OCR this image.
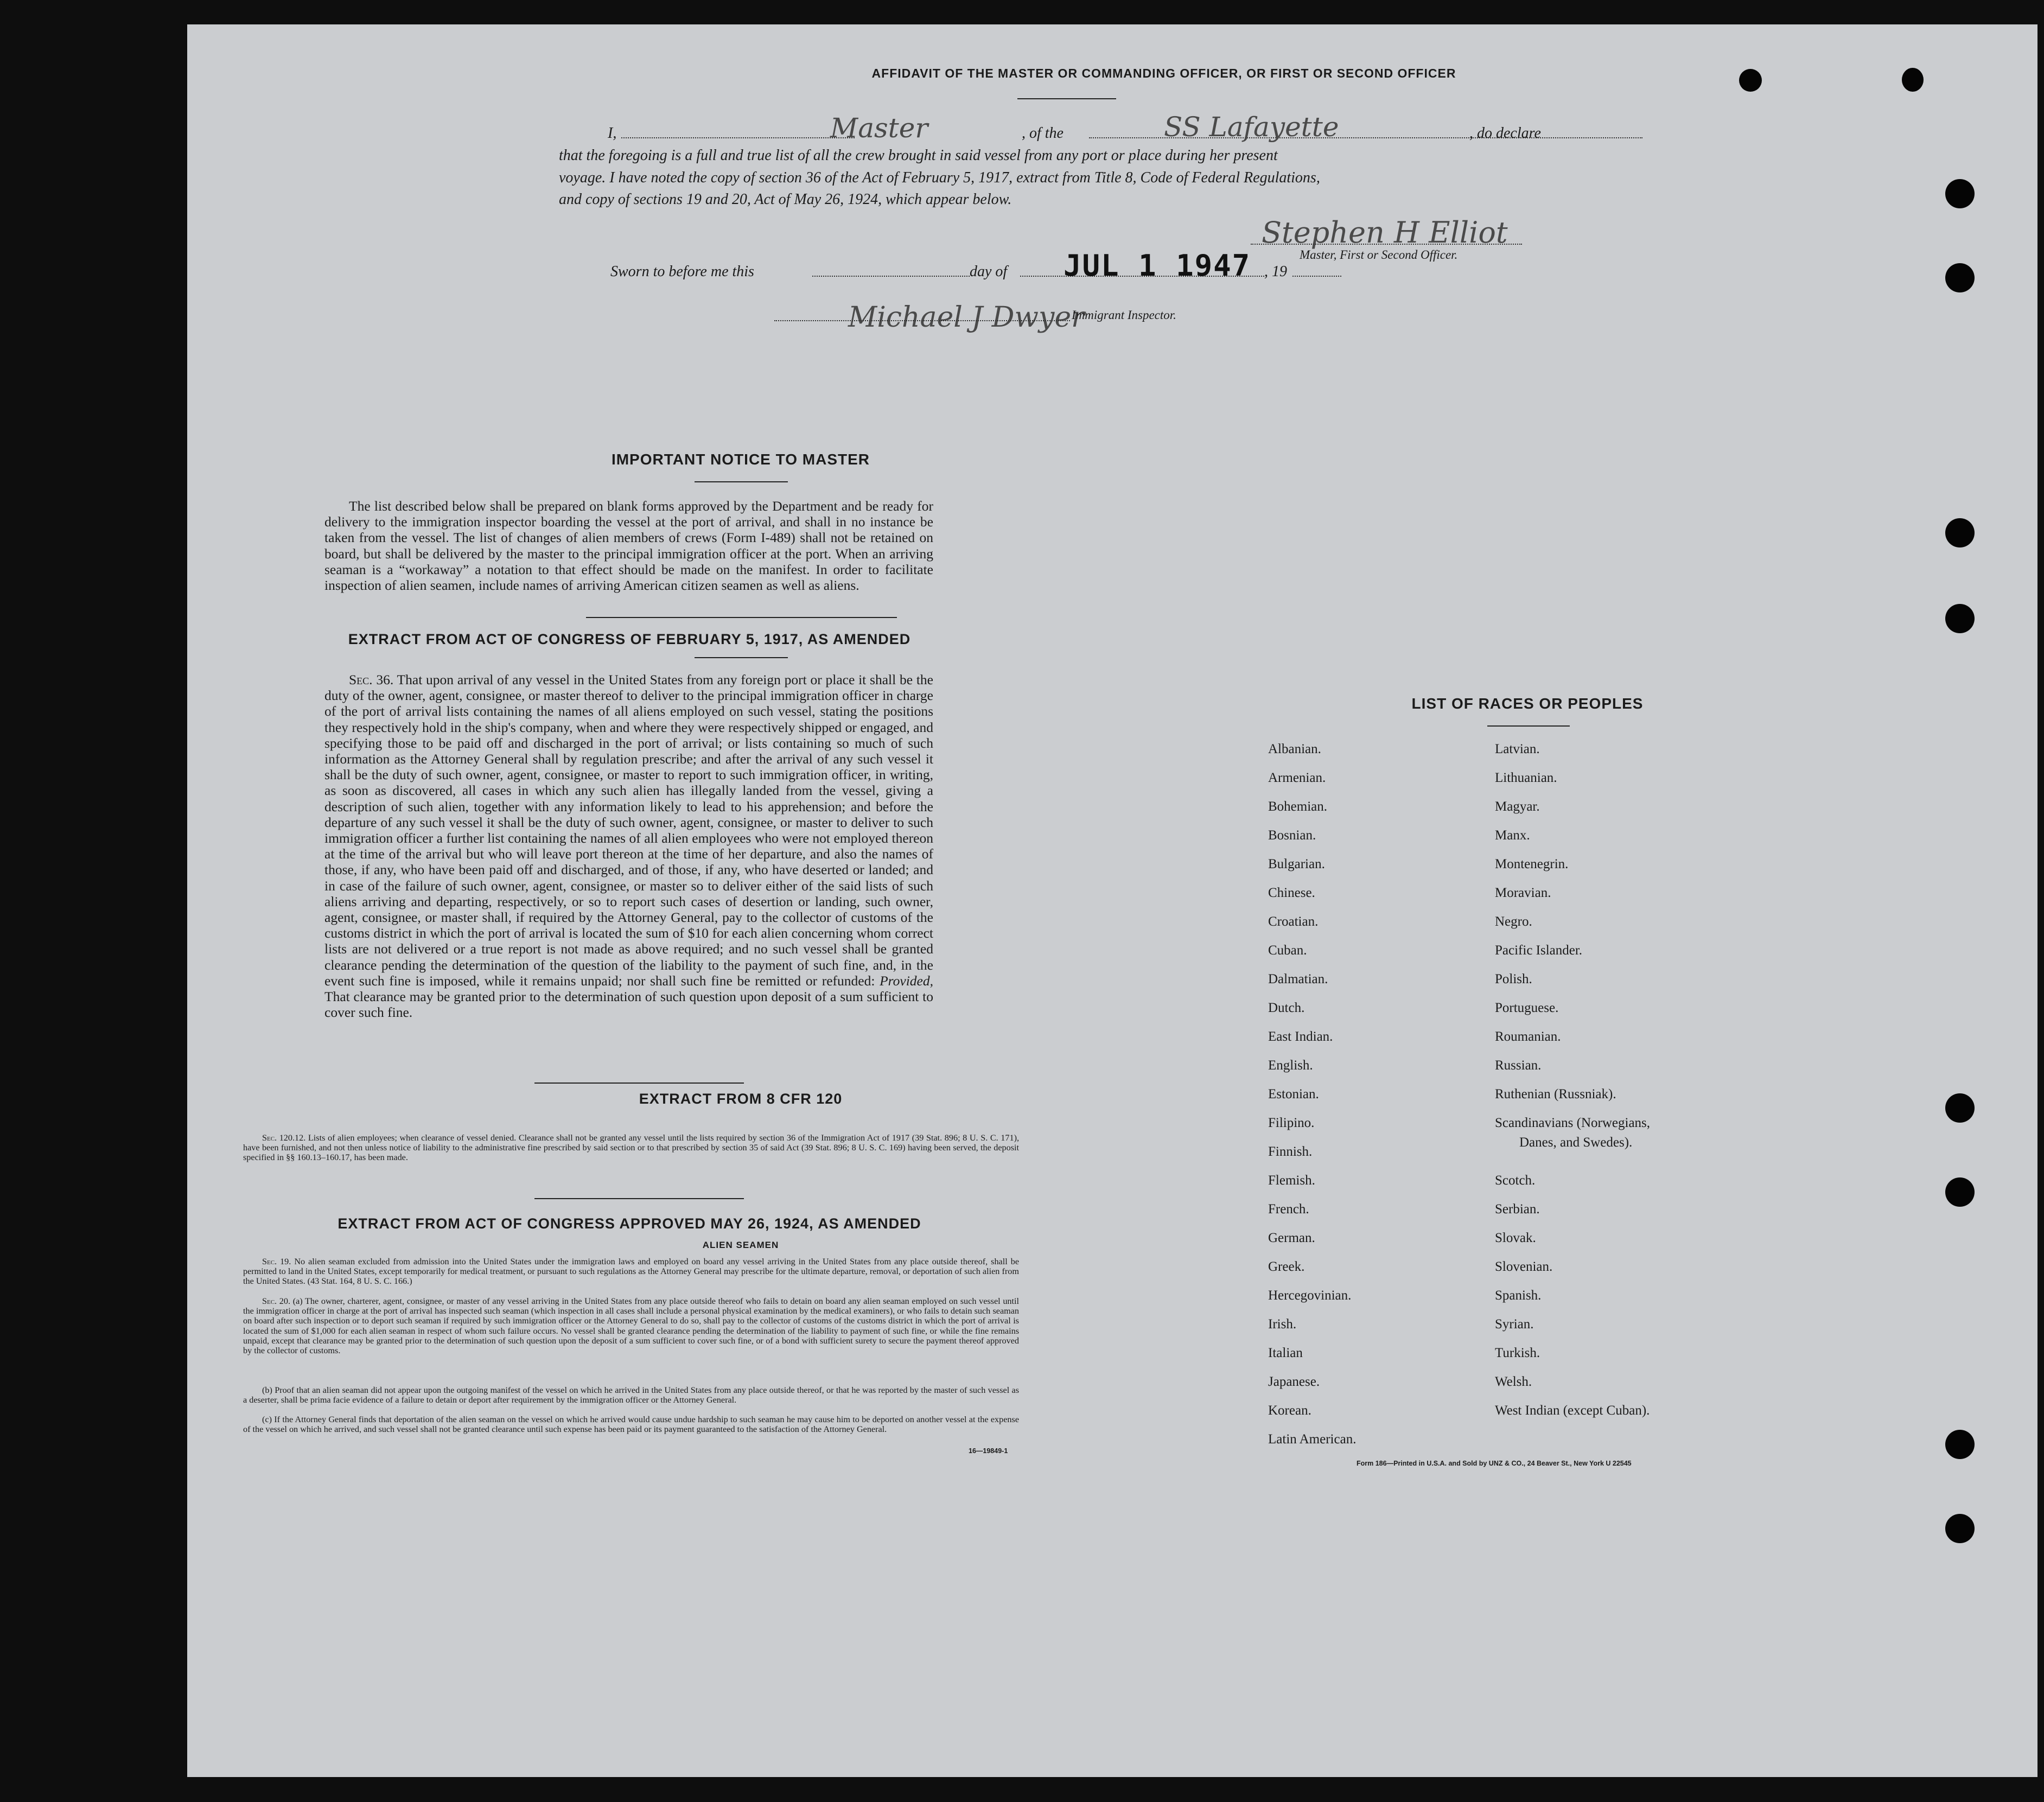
AFFIDAVIT OF THE MASTER OR COMMANDING OFFICER, OR FIRST OR SECOND OFFICER
I,	Master	, of the	SS Lafayette	, do declare
that the foregoing is a full and true list of all the crew brought in said vessel from any port or place during her present
voyage. I have noted the copy of section 36 of the Act of February 5, 1917, extract from Title 8, Code of Federal Regulations,
and copy of sections 19 and 20, Act of May 26, 1924, which appear below.
Stephen H Elliot
Master, First or Second Officer.
Sworn to before me this	day of JUL 1 1947 , 19
Michael J Dwyer
Immigrant Inspector.
IMPORTANT NOTICE TO MASTER
The list described below shall be prepared on blank forms approved by the Department and be ready for delivery to the immigration inspector boarding the vessel at the port of arrival, and shall in no instance be taken from the vessel. The list of changes of alien members of crews (Form I-489) shall not be retained on board, but shall be delivered by the master to the principal immigration officer at the port. When an arriving seaman is a “workaway” a notation to that effect should be made on the manifest. In order to facilitate inspection of alien seamen, include names of arriving American citizen seamen as well as aliens.
EXTRACT FROM ACT OF CONGRESS OF FEBRUARY 5, 1917, AS AMENDED
Sec. 36. That upon arrival of any vessel in the United States from any foreign port or place it shall be the duty of the owner, agent, consignee, or master thereof to deliver to the principal immigration officer in charge of the port of arrival lists containing the names of all aliens employed on such vessel, stating the positions they respectively hold in the ship's company, when and where they were respectively shipped or engaged, and specifying those to be paid off and discharged in the port of arrival; or lists containing so much of such information as the Attorney General shall by regulation prescribe; and after the arrival of any such vessel it shall be the duty of such owner, agent, consignee, or master to report to such immigration officer, in writing, as soon as discovered, all cases in which any such alien has illegally landed from the vessel, giving a description of such alien, together with any information likely to lead to his apprehension; and before the departure of any such vessel it shall be the duty of such owner, agent, consignee, or master to deliver to such immigration officer a further list containing the names of all alien employees who were not employed thereon at the time of the arrival but who will leave port thereon at the time of her departure, and also the names of those, if any, who have been paid off and discharged, and of those, if any, who have deserted or landed; and in case of the failure of such owner, agent, consignee, or master so to deliver either of the said lists of such aliens arriving and departing, respectively, or so to report such cases of desertion or landing, such owner, agent, consignee, or master shall, if required by the Attorney General, pay to the collector of customs of the customs district in which the port of arrival is located the sum of $10 for each alien concerning whom correct lists are not delivered or a true report is not made as above required; and no such vessel shall be granted clearance pending the determination of the question of the liability to the payment of such fine, and, in the event such fine is imposed, while it remains unpaid; nor shall such fine be remitted or refunded: Provided, That clearance may be granted prior to the determination of such question upon deposit of a sum sufficient to cover such fine.
EXTRACT FROM 8 CFR 120
Sec. 120.12. Lists of alien employees; when clearance of vessel denied. Clearance shall not be granted any vessel until the lists required by section 36 of the Immigration Act of 1917 (39 Stat. 896; 8 U. S. C. 171), have been furnished, and not then unless notice of liability to the administrative fine prescribed by said section or to that prescribed by section 35 of said Act (39 Stat. 896; 8 U. S. C. 169) having been served, the deposit specified in §§ 160.13–160.17, has been made.
EXTRACT FROM ACT OF CONGRESS APPROVED MAY 26, 1924, AS AMENDED
ALIEN SEAMEN
Sec. 19. No alien seaman excluded from admission into the United States under the immigration laws and employed on board any vessel arriving in the United States from any place outside thereof, shall be permitted to land in the United States, except temporarily for medical treatment, or pursuant to such regulations as the Attorney General may prescribe for the ultimate departure, removal, or deportation of such alien from the United States. (43 Stat. 164, 8 U. S. C. 166.)
Sec. 20. (a) The owner, charterer, agent, consignee, or master of any vessel arriving in the United States from any place outside thereof who fails to detain on board any alien seaman employed on such vessel until the immigration officer in charge at the port of arrival has inspected such seaman (which inspection in all cases shall include a personal physical examination by the medical examiners), or who fails to detain such seaman on board after such inspection or to deport such seaman if required by such immigration officer or the Attorney General to do so, shall pay to the collector of customs of the customs district in which the port of arrival is located the sum of $1,000 for each alien seaman in respect of whom such failure occurs. No vessel shall be granted clearance pending the determination of the liability to payment of such fine, or while the fine remains unpaid, except that clearance may be granted prior to the determination of such question upon the deposit of a sum sufficient to cover such fine, or of a bond with sufficient surety to secure the payment thereof approved by the collector of customs.
(b) Proof that an alien seaman did not appear upon the outgoing manifest of the vessel on which he arrived in the United States from any place outside thereof, or that he was reported by the master of such vessel as a deserter, shall be prima facie evidence of a failure to detain or deport after requirement by the immigration officer or the Attorney General.
(c) If the Attorney General finds that deportation of the alien seaman on the vessel on which he arrived would cause undue hardship to such seaman he may cause him to be deported on another vessel at the expense of the vessel on which he arrived, and such vessel shall not be granted clearance until such expense has been paid or its payment guaranteed to the satisfaction of the Attorney General.
16—19849-1
LIST OF RACES OR PEOPLES
Form 186—Printed in U.S.A. and Sold by UNZ & CO., 24 Beaver St., New York U 22545
Albanian.
Armenian.
Bohemian.
Bosnian.
Bulgarian.
Chinese.
Croatian.
Cuban.
Dalmatian.
Dutch.
East Indian.
English.
Estonian.
Filipino.
Finnish.
Flemish.
French.
German.
Greek.
Hercegovinian.
Irish.
Italian
Japanese.
Korean.
Latin American.
Latvian.
Lithuanian.
Magyar.
Manx.
Montenegrin.
Moravian.
Negro.
Pacific Islander.
Polish.
Portuguese.
Roumanian.
Russian.
Ruthenian (Russniak).
Scandinavians (Norwegians,
Danes, and Swedes).
Scotch.
Serbian.
Slovak.
Slovenian.
Spanish.
Syrian.
Turkish.
Welsh.
West Indian (except Cuban).
